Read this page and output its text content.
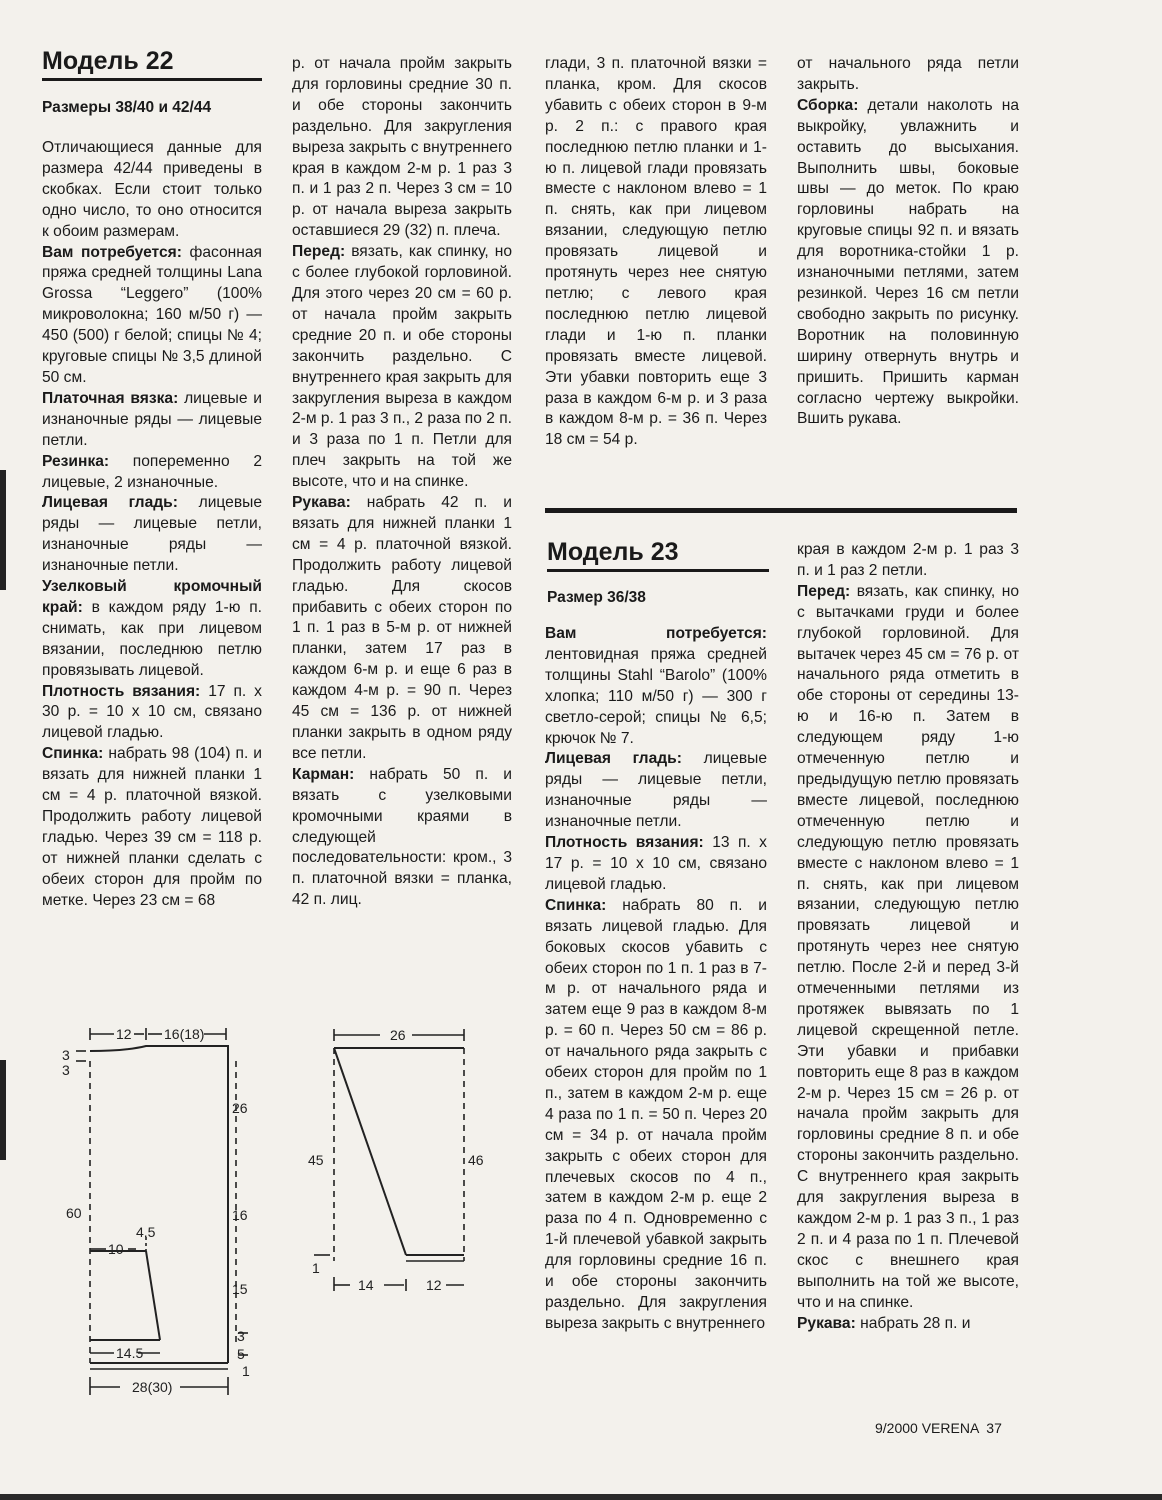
Модель 22
Размеры 38/40 и 42/44

Отличающиеся данные для размера 42/44 приведены в скобках. Если стоит только одно число, то оно относится к обоим размерам.

Вам потребуется: фасонная пряжа средней толщины Lana Grossa “Leggero” (100% микроволокна; 160 м/50 г) — 450 (500) г белой; спицы № 4; круговые спицы № 3,5 длиной 50 см.

Платочная вязка: лицевые и изнаночные ряды — лицевые петли.

Резинка: попеременно 2 лицевые, 2 изнаночные.

Лицевая гладь: лицевые ряды — лицевые петли, изнаночные ряды — изнаночные петли.

Узелковый кромочный край: в каждом ряду 1-ю п. снимать, как при лицевом вязании, последнюю петлю провязывать лицевой.

Плотность вязания: 17 п. х 30 р. = 10 х 10 см, связано лицевой гладью.

Спинка: набрать 98 (104) п. и вязать для нижней планки 1 см = 4 р. платочной вязкой. Продолжить работу лицевой гладью. Через 39 см = 118 р. от нижней планки сделать с обеих сторон для пройм по метке. Через 23 см = 68

р. от начала пройм закрыть для горловины средние 30 п. и обе стороны закончить раздельно. Для закругления выреза закрыть с внутреннего края в каждом 2-м р. 1 раз 3 п. и 1 раз 2 п. Через 3 см = 10 р. от начала выреза закрыть оставшиеся 29 (32) п. плеча.

Перед: вязать, как спинку, но с более глубокой горловиной. Для этого через 20 см = 60 р. от начала пройм закрыть средние 20 п. и обе стороны закончить раздельно. С внутреннего края закрыть для закругления выреза в каждом 2-м р. 1 раз 3 п., 2 раза по 2 п. и 3 раза по 1 п. Петли для плеч закрыть на той же высоте, что и на спинке.

Рукава: набрать 42 п. и вязать для нижней планки 1 см = 4 р. платочной вязкой. Продолжить работу лицевой гладью. Для скосов прибавить с обеих сторон по 1 п. 1 раз в 5-м р. от нижней планки, затем 17 раз в каждом 6-м р. и еще 6 раз в каждом 4-м р. = 90 п. Через 45 см = 136 р. от нижней планки закрыть в одном ряду все петли.

Карман: набрать 50 п. и вязать с узелковыми кромочными краями в следующей последовательности: кром., 3 п. платочной вязки = планка, 42 п. лиц.

глади, 3 п. платочной вязки = планка, кром. Для скосов убавить с обеих сторон в 9-м р. 2 п.: с правого края последнюю петлю планки и 1-ю п. лицевой глади провязать вместе с наклоном влево = 1 п. снять, как при лицевом вязании, следующую петлю провязать лицевой и протянуть через нее снятую петлю; с левого края последнюю петлю лицевой глади и 1-ю п. планки провязать вместе лицевой. Эти убавки повторить еще 3 раза в каждом 6-м р. и 3 раза в каждом 8-м р. = 36 п. Через 18 см = 54 р.

от начального ряда петли закрыть.

Сборка: детали наколоть на выкройку, увлажнить и оставить до высыхания. Выполнить швы, боковые швы — до меток. По краю горловины набрать на круговые спицы 92 п. и вязать для воротника-стойки 1 р. изнаночными петлями, затем резинкой. Через 16 см петли свободно закрыть по рисунку. Воротник на половинную ширину отвернуть внутрь и пришить. Пришить карман согласно чертежу выкройки. Вшить рукава.

Модель 23
Размер 36/38

Вам потребуется: лентовидная пряжа средней толщины Stahl “Barolo” (100% хлопка; 110 м/50 г) — 300 г светло-серой; спицы № 6,5; крючок № 7.

Лицевая гладь: лицевые ряды — лицевые петли, изнаночные ряды — изнаночные петли.

Плотность вязания: 13 п. х 17 р. = 10 х 10 см, связано лицевой гладью.

Спинка: набрать 80 п. и вязать лицевой гладью. Для боковых скосов убавить с обеих сторон по 1 п. 1 раз в 7-м р. от начального ряда и затем еще 9 раз в каждом 8-м р. = 60 п. Через 50 см = 86 р. от начального ряда закрыть с обеих сторон для пройм по 1 п., затем в каждом 2-м р. еще 4 раза по 1 п. = 50 п. Через 20 см = 34 р. от начала пройм закрыть с обеих сторон для плечевых скосов по 4 п., затем в каждом 2-м р. еще 2 раза по 4 п. Одновременно с 1-й плечевой убавкой закрыть для горловины средние 16 п. и обе стороны закончить раздельно. Для закругления выреза закрыть с внутреннего

края в каждом 2-м р. 1 раз 3 п. и 1 раз 2 петли.

Перед: вязать, как спинку, но с вытачками груди и более глубокой горловиной. Для вытачек через 45 см = 76 р. от начального ряда отметить в обе стороны от середины 13-ю и 16-ю п. Затем в следующем ряду 1-ю отмеченную петлю и предыдущую петлю провязать вместе лицевой, последнюю отмеченную петлю и следующую петлю провязать вместе с наклоном влево = 1 п. снять, как при лицевом вязании, следующую петлю провязать лицевой и протянуть через нее снятую петлю. После 2-й и перед 3-й отмеченными петлями из протяжек вывязать по 1 лицевой скрещенной петле. Эти убавки и прибавки повторить еще 8 раз в каждом 2-м р. Через 15 см = 26 р. от начала пройм закрыть для горловины средние 8 п. и обе стороны закончить раздельно. С внутреннего края закрыть для закругления выреза в каждом 2-м р. 1 раз 3 п., 1 раз 2 п. и 4 раза по 1 п. Плечевой скос с внешнего края выполнить на той же высоте, что и на спинке.

Рукава: набрать 28 п. и

12 16(18)
3
3
26
60	16
4.5
10
15
3
14.5	5
1
28(30)
26
45	46
1
14	12
9/2000 VERENA  37
